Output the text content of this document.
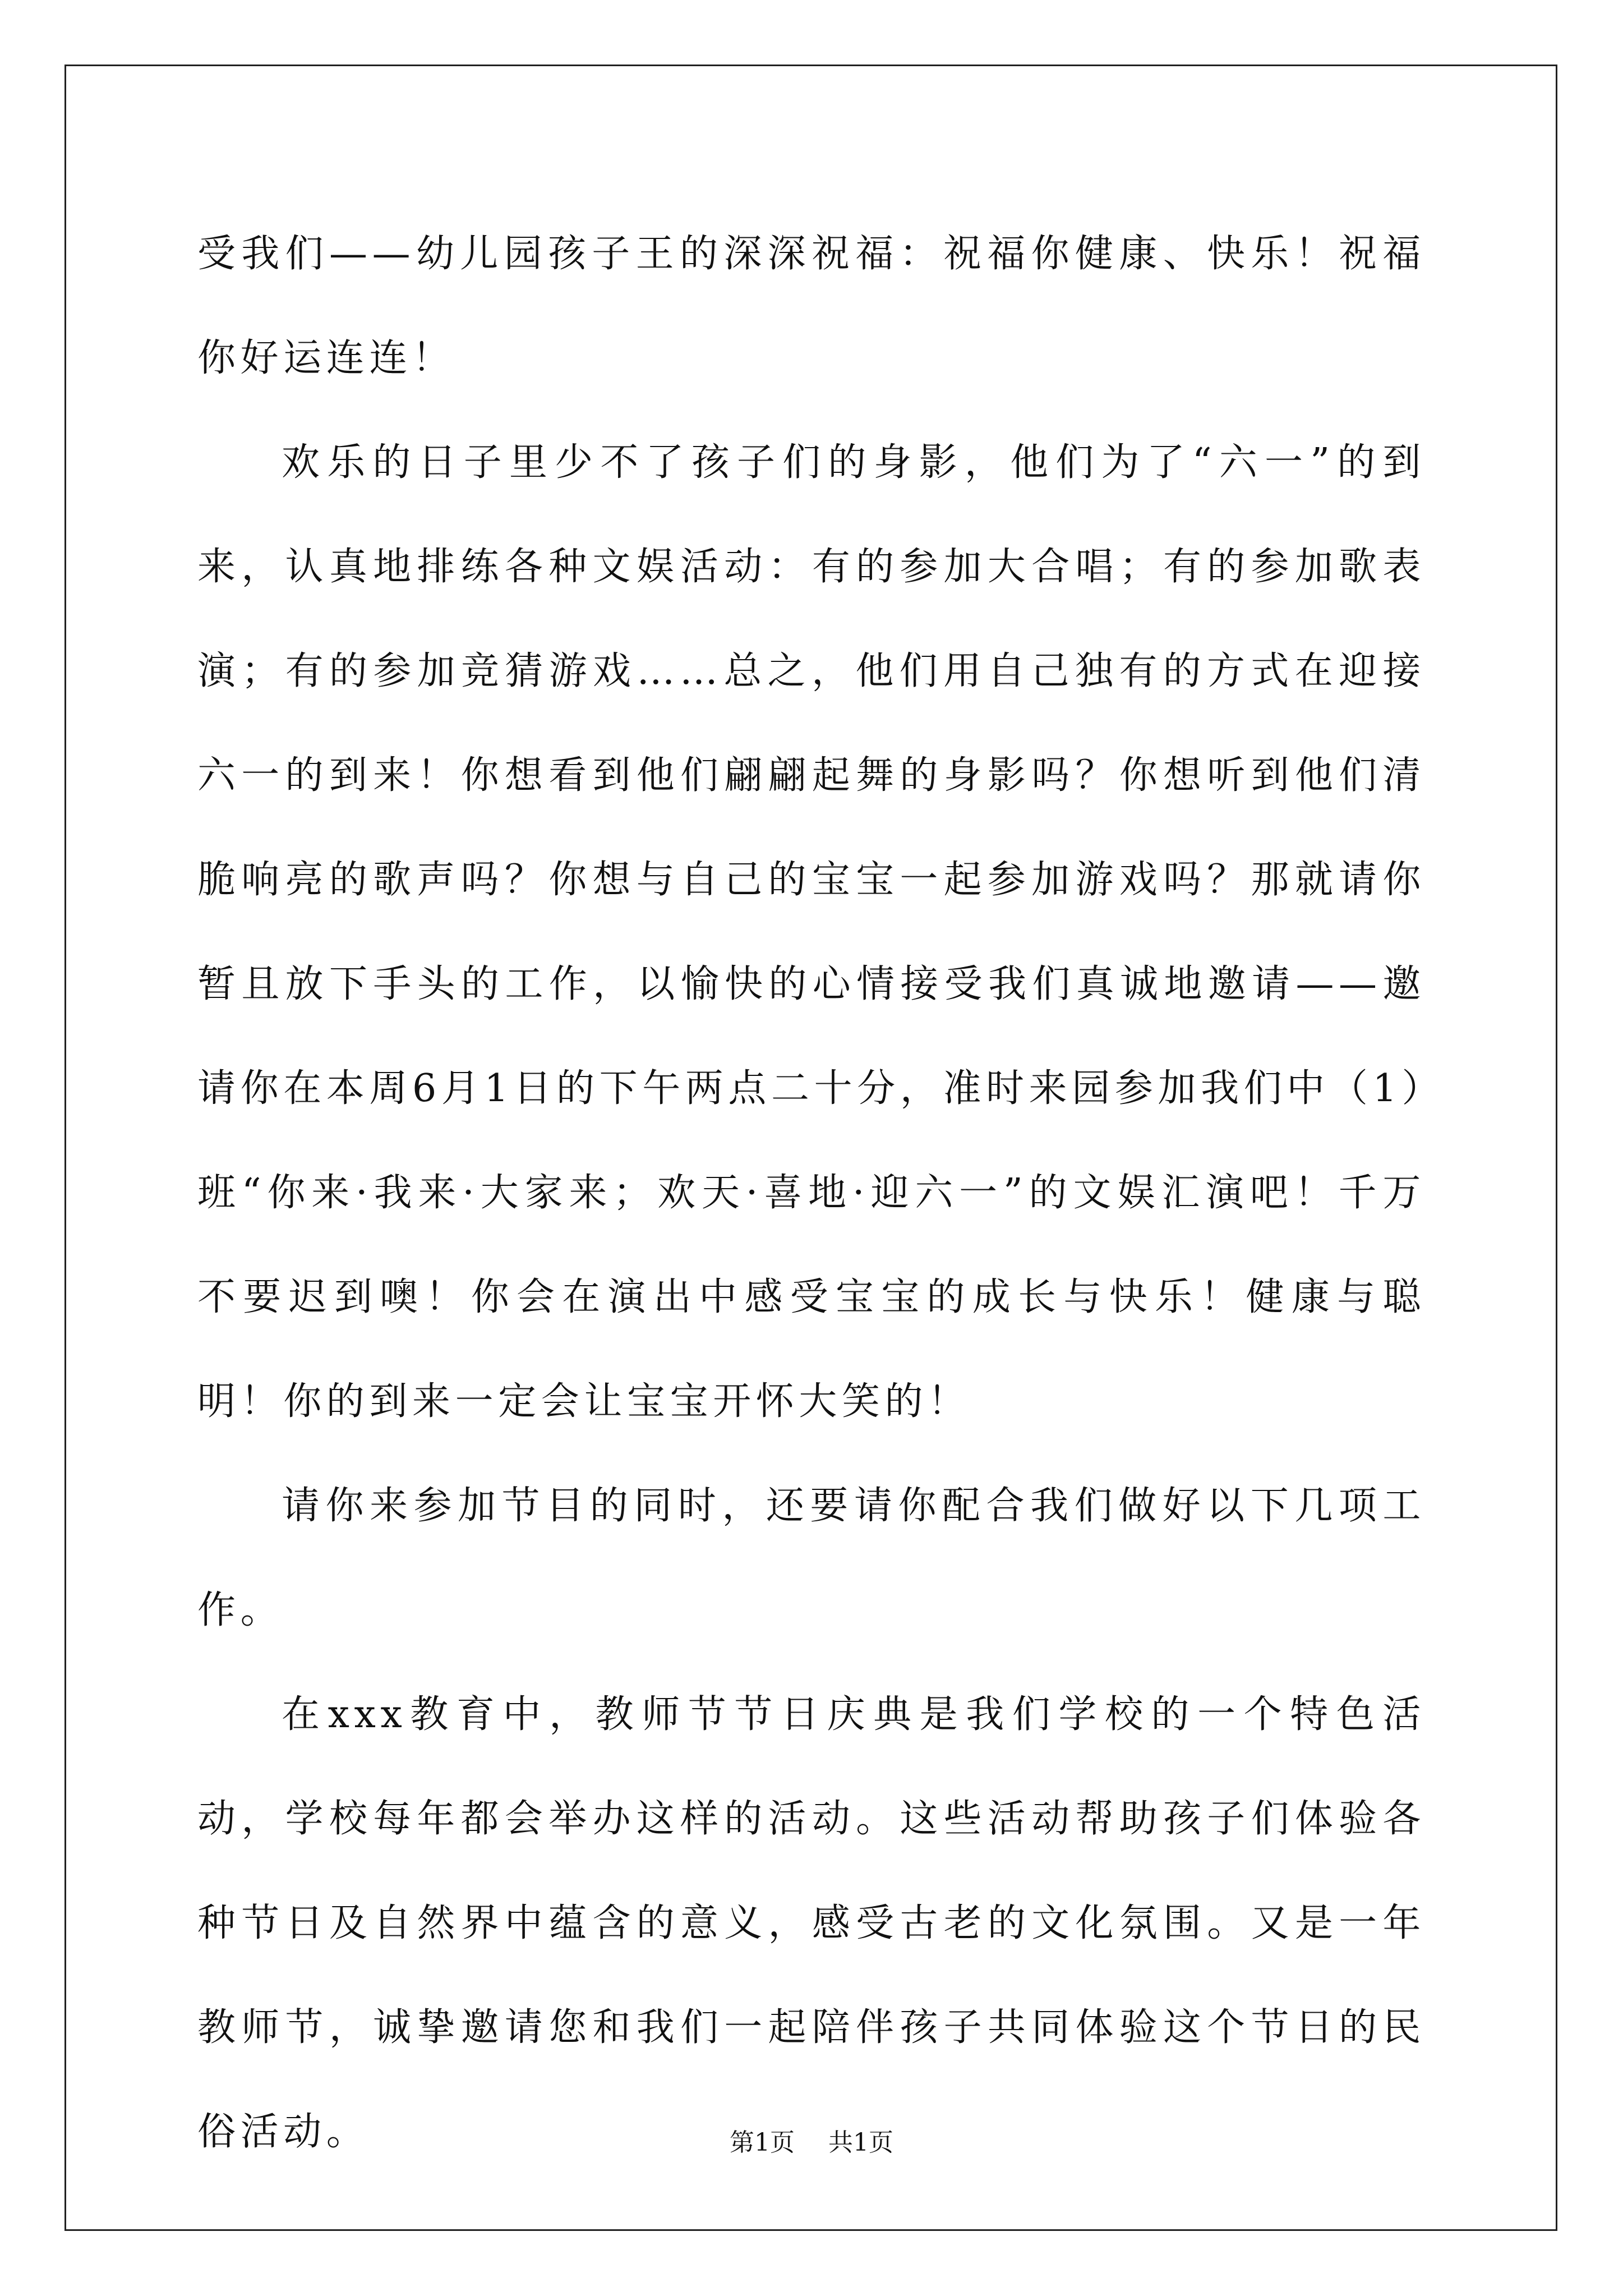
受我们——幼儿园孩子王的深深祝福：祝福你健康、快乐！祝福你好运连连！

欢乐的日子里少不了孩子们的身影，他们为了“六一”的到来，认真地排练各种文娱活动：有的参加大合唱；有的参加歌表演；有的参加竞猜游戏……总之，他们用自己独有的方式在迎接六一的到来！你想看到他们翩翩起舞的身影吗？你想听到他们清脆响亮的歌声吗？你想与自己的宝宝一起参加游戏吗？那就请你暂且放下手头的工作，以愉快的心情接受我们真诚地邀请——邀请你在本周6月1日的下午两点二十分，准时来园参加我们中（1）班“你来·我来·大家来；欢天·喜地·迎六一”的文娱汇演吧！千万不要迟到噢！你会在演出中感受宝宝的成长与快乐！健康与聪明！你的到来一定会让宝宝开怀大笑的！

请你来参加节目的同时，还要请你配合我们做好以下几项工作。

在xxx教育中，教师节节日庆典是我们学校的一个特色活动，学校每年都会举办这样的活动。这些活动帮助孩子们体验各种节日及自然界中蕴含的意义，感受古老的文化氛围。又是一年教师节，诚挚邀请您和我们一起陪伴孩子共同体验这个节日的民俗活动。	第1页 共1页
